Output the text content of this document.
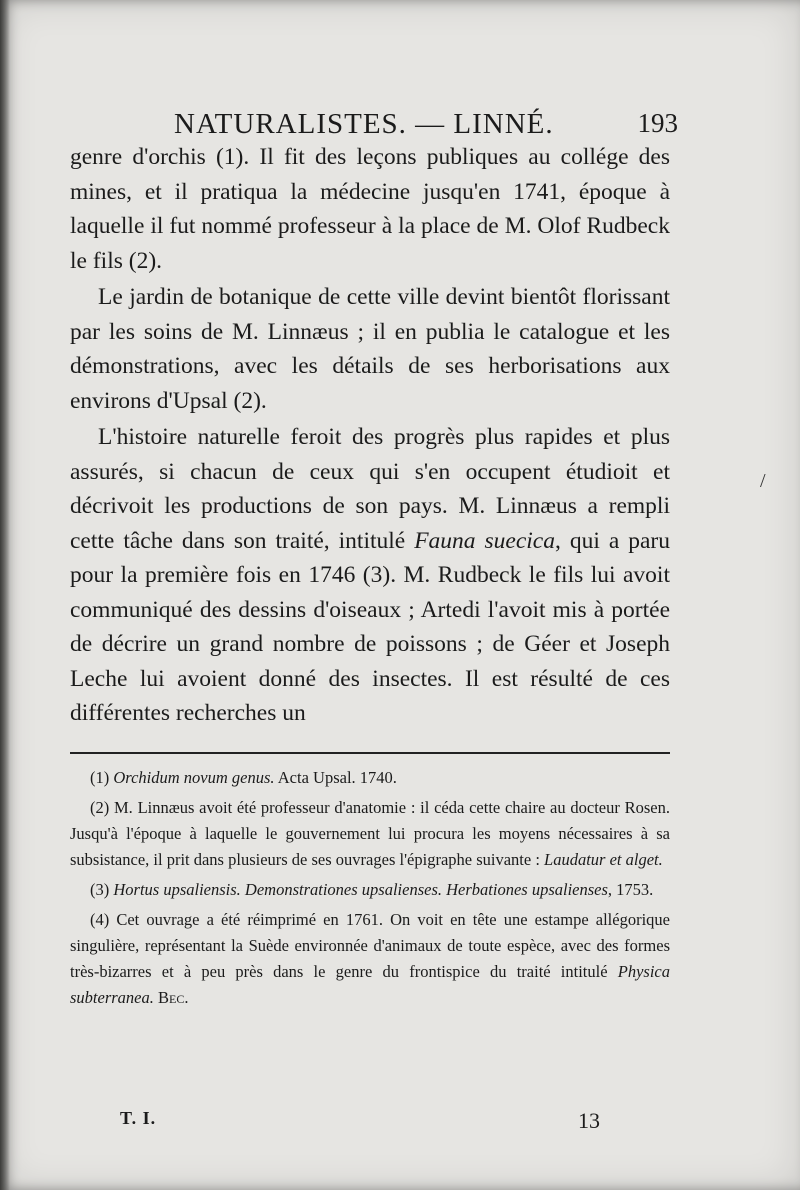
NATURALISTES. — LINNÉ.	193

genre d'orchis (1). Il fit des leçons publiques au collége des mines, et il pratiqua la médecine jusqu'en 1741, époque à laquelle il fut nommé professeur à la place de M. Olof Rudbeck le fils (2).

Le jardin de botanique de cette ville devint bientôt florissant par les soins de M. Linnæus ; il en publia le catalogue et les démonstrations, avec les détails de ses herborisations aux environs d'Upsal (2).

L'histoire naturelle feroit des progrès plus rapides et plus assurés, si chacun de ceux qui s'en occupent étudioit et décrivoit les productions de son pays. M. Linnæus a rempli cette tâche dans son traité, intitulé Fauna suecica, qui a paru pour la première fois en 1746 (3). M. Rudbeck le fils lui avoit communiqué des dessins d'oiseaux ; Artedi l'avoit mis à portée de décrire un grand nombre de poissons ; de Géer et Joseph Leche lui avoient donné des insectes. Il est résulté de ces différentes recherches un

(1) Orchidum novum genus. Acta Upsal. 1740.

(2) M. Linnæus avoit été professeur d'anatomie : il céda cette chaire au docteur Rosen. Jusqu'à l'époque à laquelle le gouvernement lui procura les moyens nécessaires à sa subsistance, il prit dans plusieurs de ses ouvrages l'épigraphe suivante : Laudatur et alget.

(3) Hortus upsaliensis. Demonstrationes upsalienses. Herbationes upsalienses, 1753.

(4) Cet ouvrage a été réimprimé en 1761. On voit en tête une estampe allégorique singulière, représentant la Suède environnée d'animaux de toute espèce, avec des formes très-bizarres et à peu près dans le genre du frontispice du traité intitulé Physica subterranea. Bec.

T. I.	13
/
